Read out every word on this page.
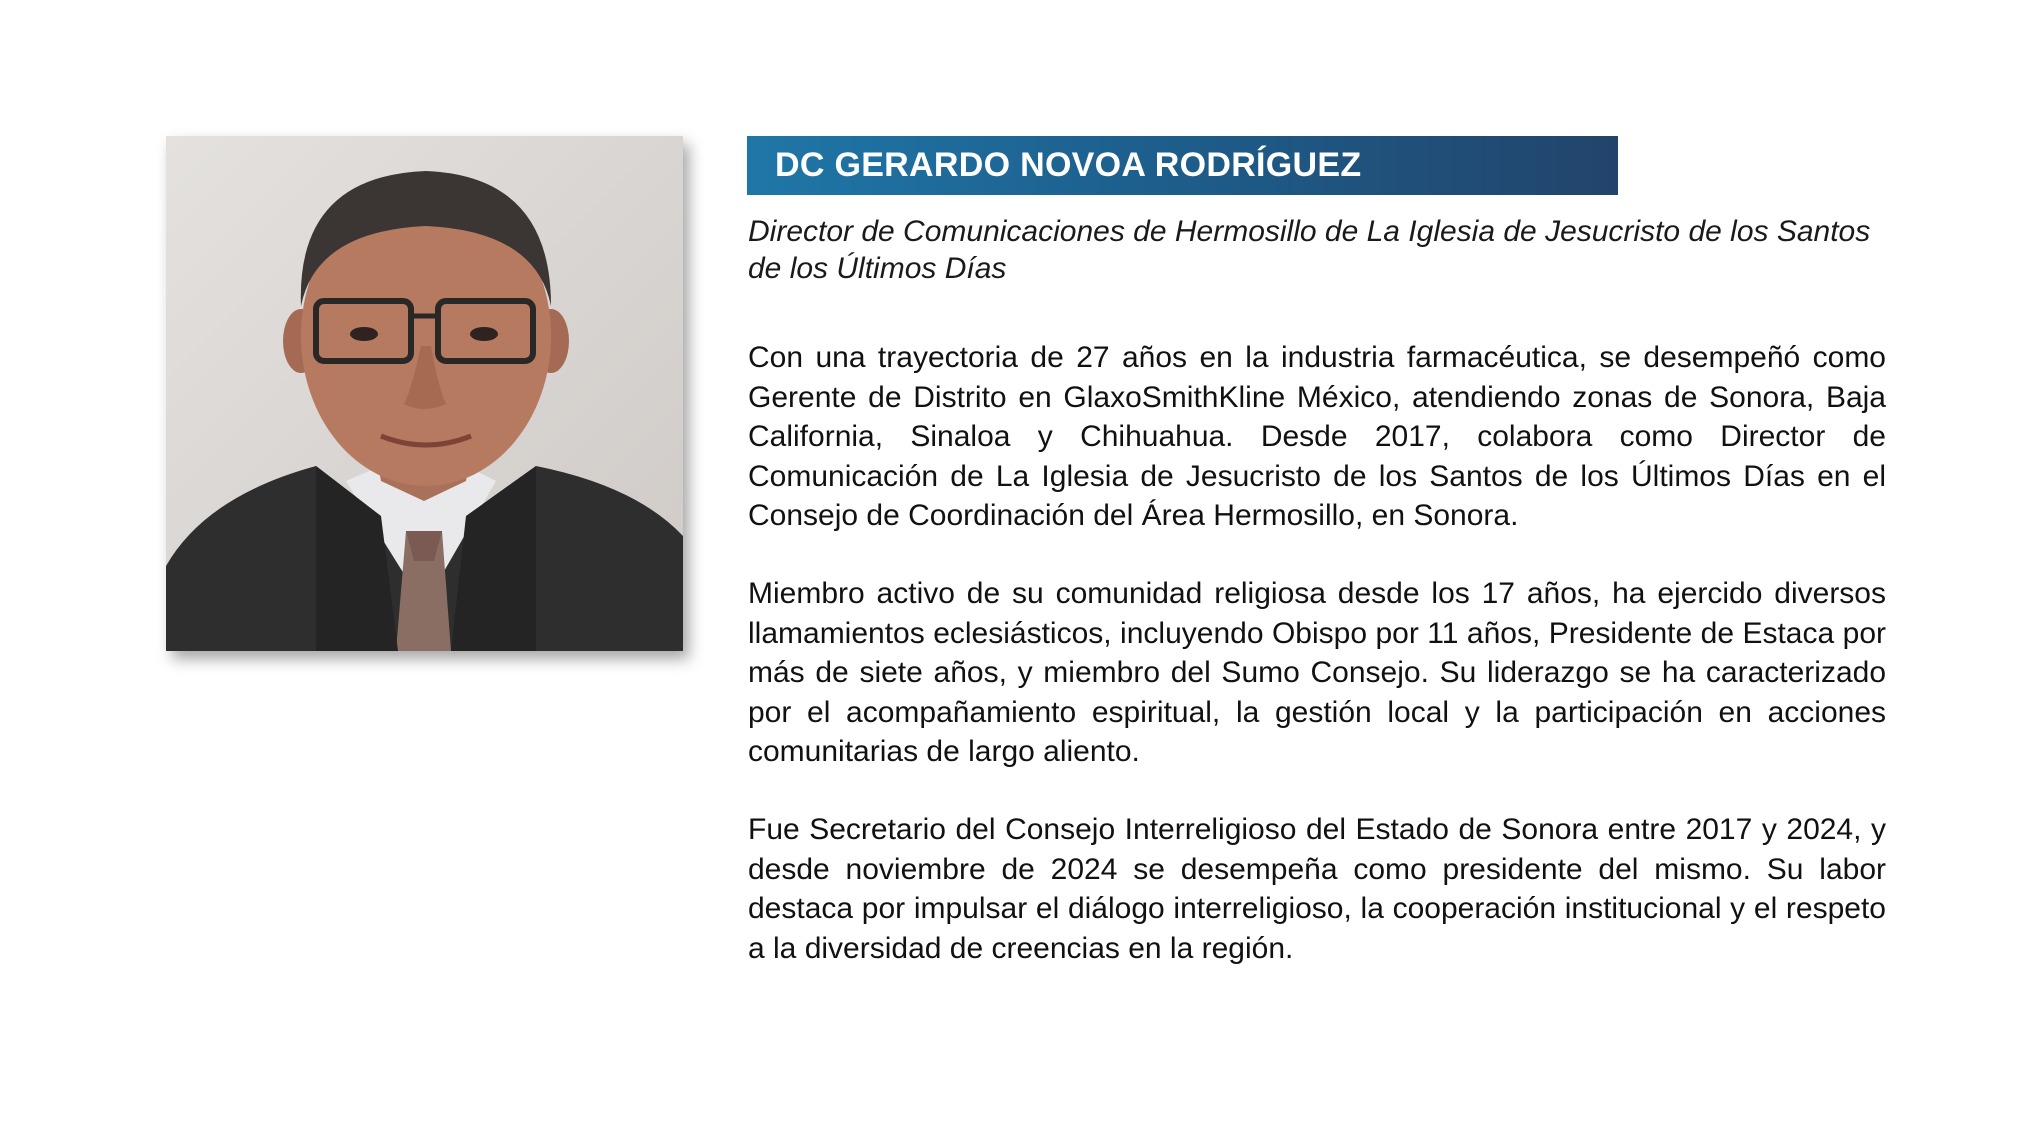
DC GERARDO NOVOA RODRÍGUEZ
Director de Comunicaciones de Hermosillo de La Iglesia de Jesucristo de los Santos de los Últimos Días

Con una trayectoria de 27 años en la industria farmacéutica, se desempeñó como Gerente de Distrito en GlaxoSmithKline México, atendiendo zonas de Sonora, Baja California, Sinaloa y Chihuahua. Desde 2017, colabora como Director de Comunicación de La Iglesia de Jesucristo de los Santos de los Últimos Días en el Consejo de Coordinación del Área Hermosillo, en Sonora.

Miembro activo de su comunidad religiosa desde los 17 años, ha ejercido diversos llamamientos eclesiásticos, incluyendo Obispo por 11 años, Presidente de Estaca por más de siete años, y miembro del Sumo Consejo. Su liderazgo se ha caracterizado por el acompañamiento espiritual, la gestión local y la participación en acciones comunitarias de largo aliento.

Fue Secretario del Consejo Interreligioso del Estado de Sonora entre 2017 y 2024, y desde noviembre de 2024 se desempeña como presidente del mismo. Su labor destaca por impulsar el diálogo interreligioso, la cooperación institucional y el respeto a la diversidad de creencias en la región.
